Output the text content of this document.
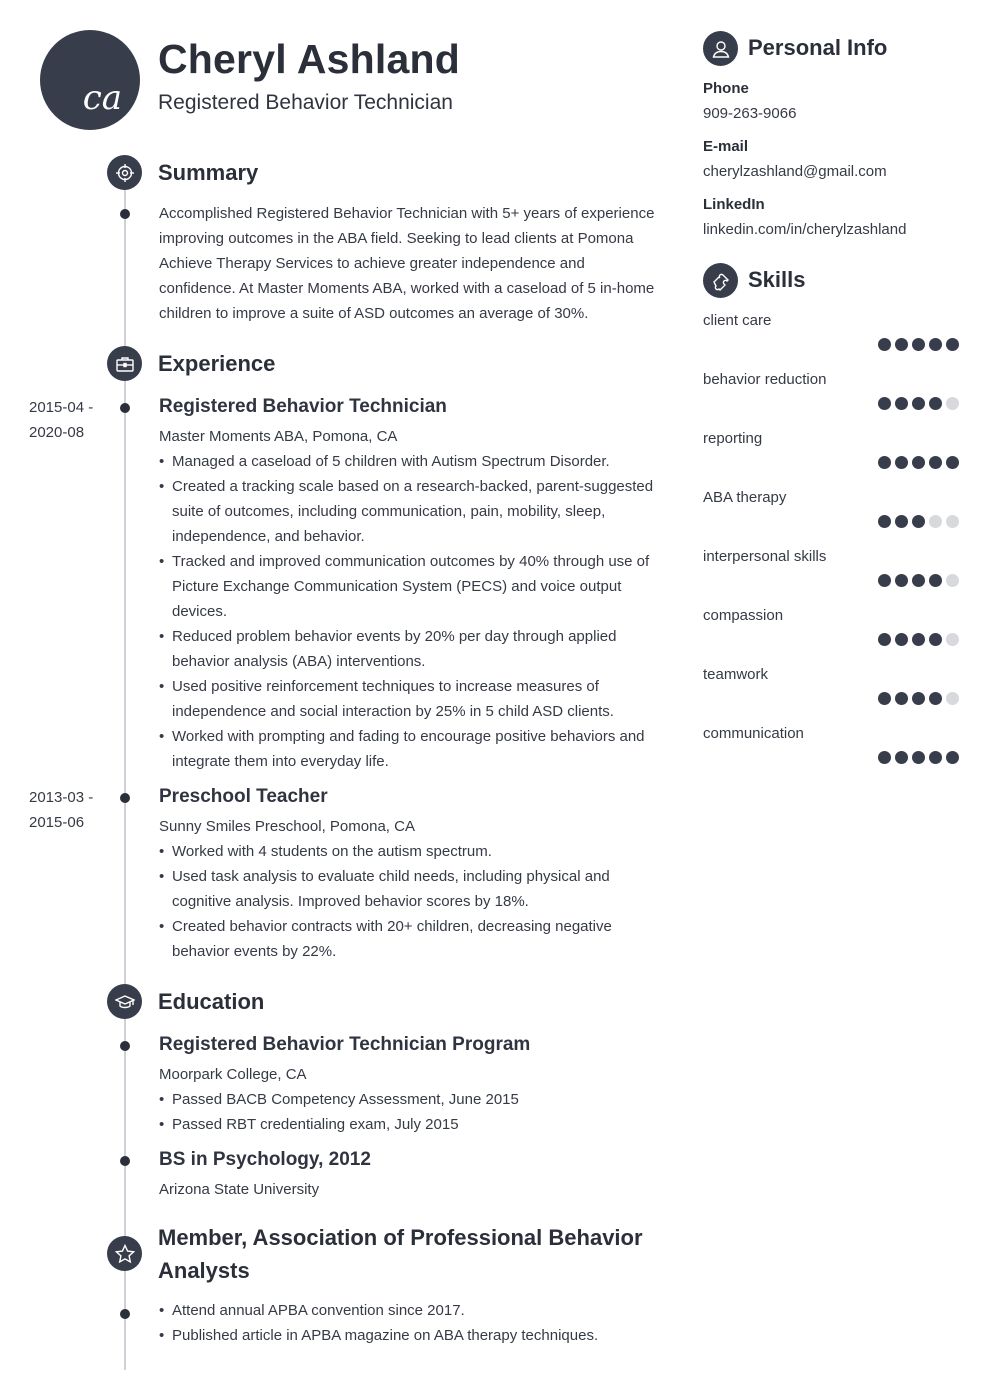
ca
Cheryl Ashland

Registered Behavior Technician

Summary
Accomplished Registered Behavior Technician with 5+ years of experience improving outcomes in the ABA field. Seeking to lead clients at Pomona Achieve Therapy Services to achieve greater independence and confidence. At Master Moments ABA, worked with a caseload of 5 in-home children to improve a suite of ASD outcomes an average of 30%.
Experience
2015-04 -
2020-08

Registered Behavior Technician

Master Moments ABA, Pomona, CA

• Managed a caseload of 5 children with Autism Spectrum Disorder.
• Created a tracking scale based on a research-backed, parent-suggested suite of outcomes, including communication, pain, mobility, sleep, independence, and behavior.
• Tracked and improved communication outcomes by 40% through use of Picture Exchange Communication System (PECS) and voice output devices.
• Reduced problem behavior events by 20% per day through applied behavior analysis (ABA) interventions.
• Used positive reinforcement techniques to increase measures of independence and social interaction by 25% in 5 child ASD clients.
• Worked with prompting and fading to encourage positive behaviors and integrate them into everyday life.
2013-03 -
2015-06

Preschool Teacher

Sunny Smiles Preschool, Pomona, CA

• Worked with 4 students on the autism spectrum.
• Used task analysis to evaluate child needs, including physical and cognitive analysis. Improved behavior scores by 18%.
• Created behavior contracts with 20+ children, decreasing negative behavior events by 22%.
Education

Registered Behavior Technician Program

Moorpark College, CA

• Passed BACB Competency Assessment, June 2015
• Passed RBT credentialing exam, July 2015

BS in Psychology, 2012

Arizona State University

Member, Association of Professional Behavior Analysts
• Attend annual APBA convention since 2017.
• Published article in APBA magazine on ABA therapy techniques.
Personal Info
Phone
909-263-9066
E-mail
cherylzashland@gmail.com
LinkedIn
linkedin.com/in/cherylzashland
Skills
client care
behavior reduction
reporting
ABA therapy
interpersonal skills
compassion
teamwork
communication
